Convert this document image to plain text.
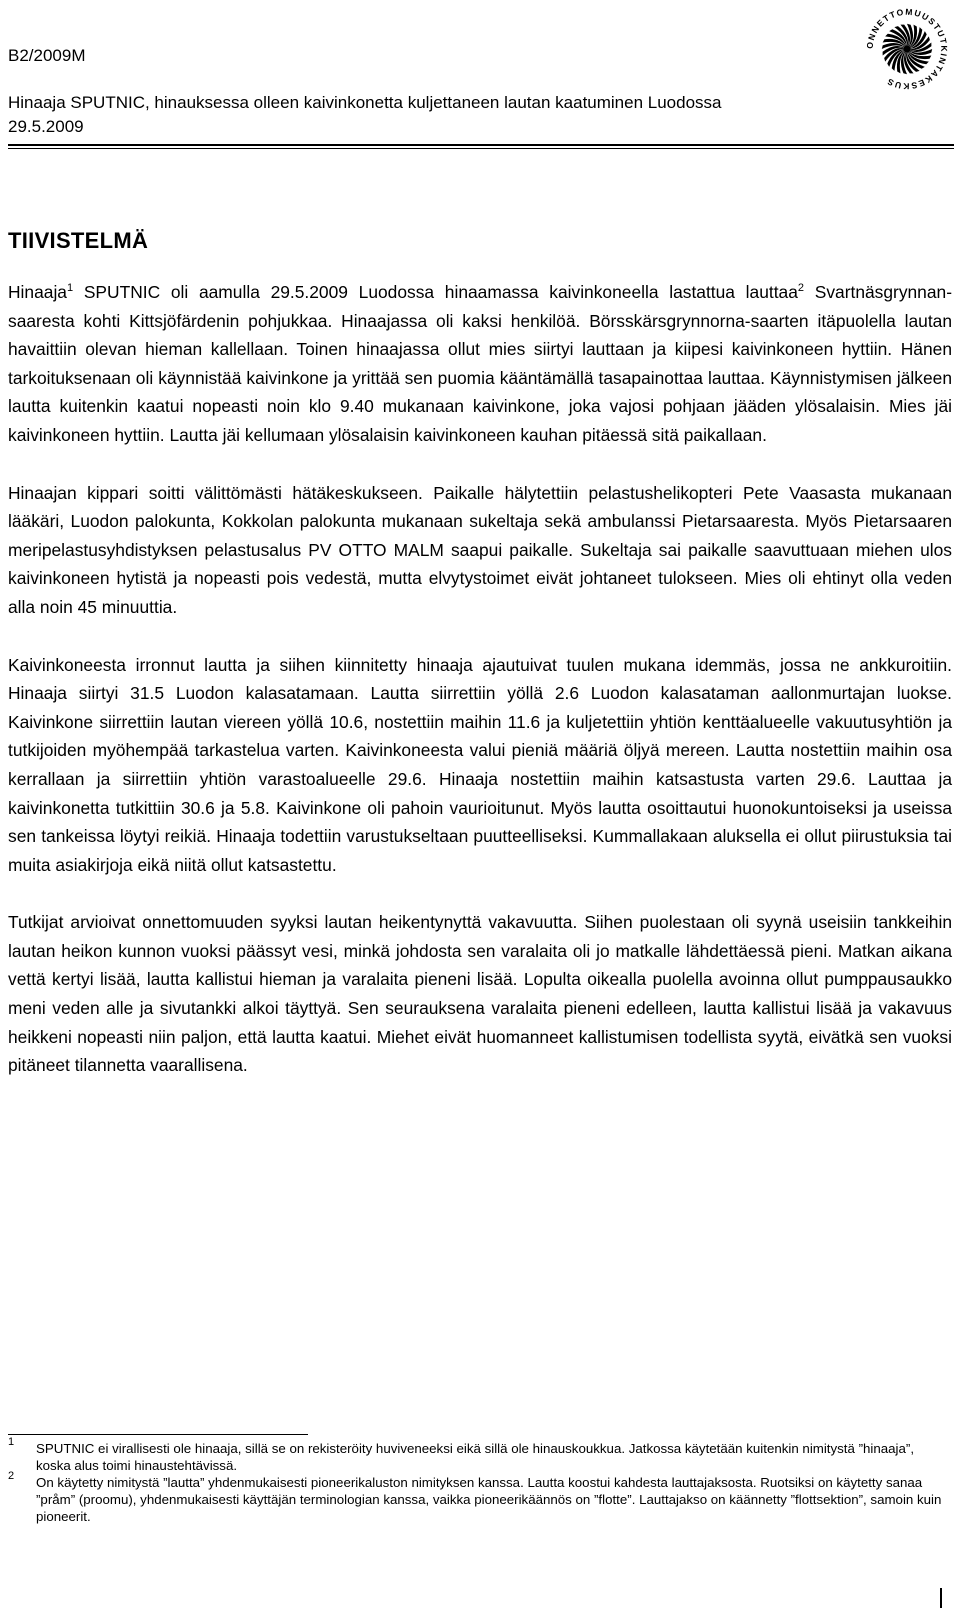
B2/2009M
Hinaaja SPUTNIC, hinauksessa olleen kaivinkonetta kuljettaneen lautan kaatuminen Luodossa 29.5.2009
ONNETTOMUUSTUTKINTAKESKUS
TIIVISTELMÄ

Hinaaja$^1$ SPUTNIC oli aamulla 29.5.2009 Luodossa hinaamassa kaivinkoneella lastattua lauttaa$^2$ Svartnäsgrynnan-saaresta kohti Kittsjöfärdenin pohjukkaa. Hinaajassa oli kaksi henkilöä. Börsskärsgrynnorna-saarten itäpuolella lautan havaittiin olevan hieman kallellaan. Toinen hinaajassa ollut mies siirtyi lauttaan ja kiipesi kaivinkoneen hyttiin. Hänen tarkoituksenaan oli käynnistää kaivinkone ja yrittää sen puomia kääntämällä tasapainottaa lauttaa. Käynnistymisen jälkeen lautta kuitenkin kaatui nopeasti noin klo 9.40 mukanaan kaivinkone, joka vajosi pohjaan jääden ylösalaisin. Mies jäi kaivinkoneen hyttiin. Lautta jäi kellumaan ylösalaisin kaivinkoneen kauhan pitäessä sitä paikallaan.

Hinaajan kippari soitti välittömästi hätäkeskukseen. Paikalle hälytettiin pelastushelikopteri Pete Vaasasta mukanaan lääkäri, Luodon palokunta, Kokkolan palokunta mukanaan sukeltaja sekä ambulanssi Pietarsaaresta. Myös Pietarsaaren meripelastusyhdistyksen pelastusalus PV OTTO MALM saapui paikalle. Sukeltaja sai paikalle saavuttuaan miehen ulos kaivinkoneen hytistä ja nopeasti pois vedestä, mutta elvytystoimet eivät johtaneet tulokseen. Mies oli ehtinyt olla veden alla noin 45 minuuttia.

Kaivinkoneesta irronnut lautta ja siihen kiinnitetty hinaaja ajautuivat tuulen mukana idemmäs, jossa ne ankkuroitiin. Hinaaja siirtyi 31.5 Luodon kalasatamaan. Lautta siirrettiin yöllä 2.6 Luodon kalasataman aallonmurtajan luokse. Kaivinkone siirrettiin lautan viereen yöllä 10.6, nostettiin maihin 11.6 ja kuljetettiin yhtiön kenttäalueelle vakuutusyhtiön ja tutkijoiden myöhempää tarkastelua varten. Kaivinkoneesta valui pieniä määriä öljyä mereen. Lautta nostettiin maihin osa kerrallaan ja siirrettiin yhtiön varastoalueelle 29.6. Hinaaja nostettiin maihin katsastusta varten 29.6. Lauttaa ja kaivinkonetta tutkittiin 30.6 ja 5.8. Kaivinkone oli pahoin vaurioitunut. Myös lautta osoittautui huonokuntoiseksi ja useissa sen tankeissa löytyi reikiä. Hinaaja todettiin varustukseltaan puutteelliseksi. Kummallakaan aluksella ei ollut piirustuksia tai muita asiakirjoja eikä niitä ollut katsastettu.

Tutkijat arvioivat onnettomuuden syyksi lautan heikentynyttä vakavuutta. Siihen puolestaan oli syynä useisiin tankkeihin lautan heikon kunnon vuoksi päässyt vesi, minkä johdosta sen varalaita oli jo matkalle lähdettäessä pieni. Matkan aikana vettä kertyi lisää, lautta kallistui hieman ja varalaita pieneni lisää. Lopulta oikealla puolella avoinna ollut pumppausaukko meni veden alle ja sivutankki alkoi täyttyä. Sen seurauksena varalaita pieneni edelleen, lautta kallistui lisää ja vakavuus heikkeni nopeasti niin paljon, että lautta kaatui. Miehet eivät huomanneet kallistumisen todellista syytä, eivätkä sen vuoksi pitäneet tilannetta vaarallisena.

1 SPUTNIC ei virallisesti ole hinaaja, sillä se on rekisteröity huviveneeksi eikä sillä ole hinauskoukkua. Jatkossa käytetään kuitenkin nimitystä ”hinaaja”, koska alus toimi hinaustehtävissä.
2 On käytetty nimitystä ”lautta” yhdenmukaisesti pioneerikaluston nimityksen kanssa. Lautta koostui kahdesta lauttajaksosta. Ruotsiksi on käytetty sanaa ”pråm” (proomu), yhdenmukaisesti käyttäjän terminologian kanssa, vaikka pioneerikäännös on ”flotte”. Lauttajakso on käännetty ”flottsektion”, samoin kuin pioneerit.
